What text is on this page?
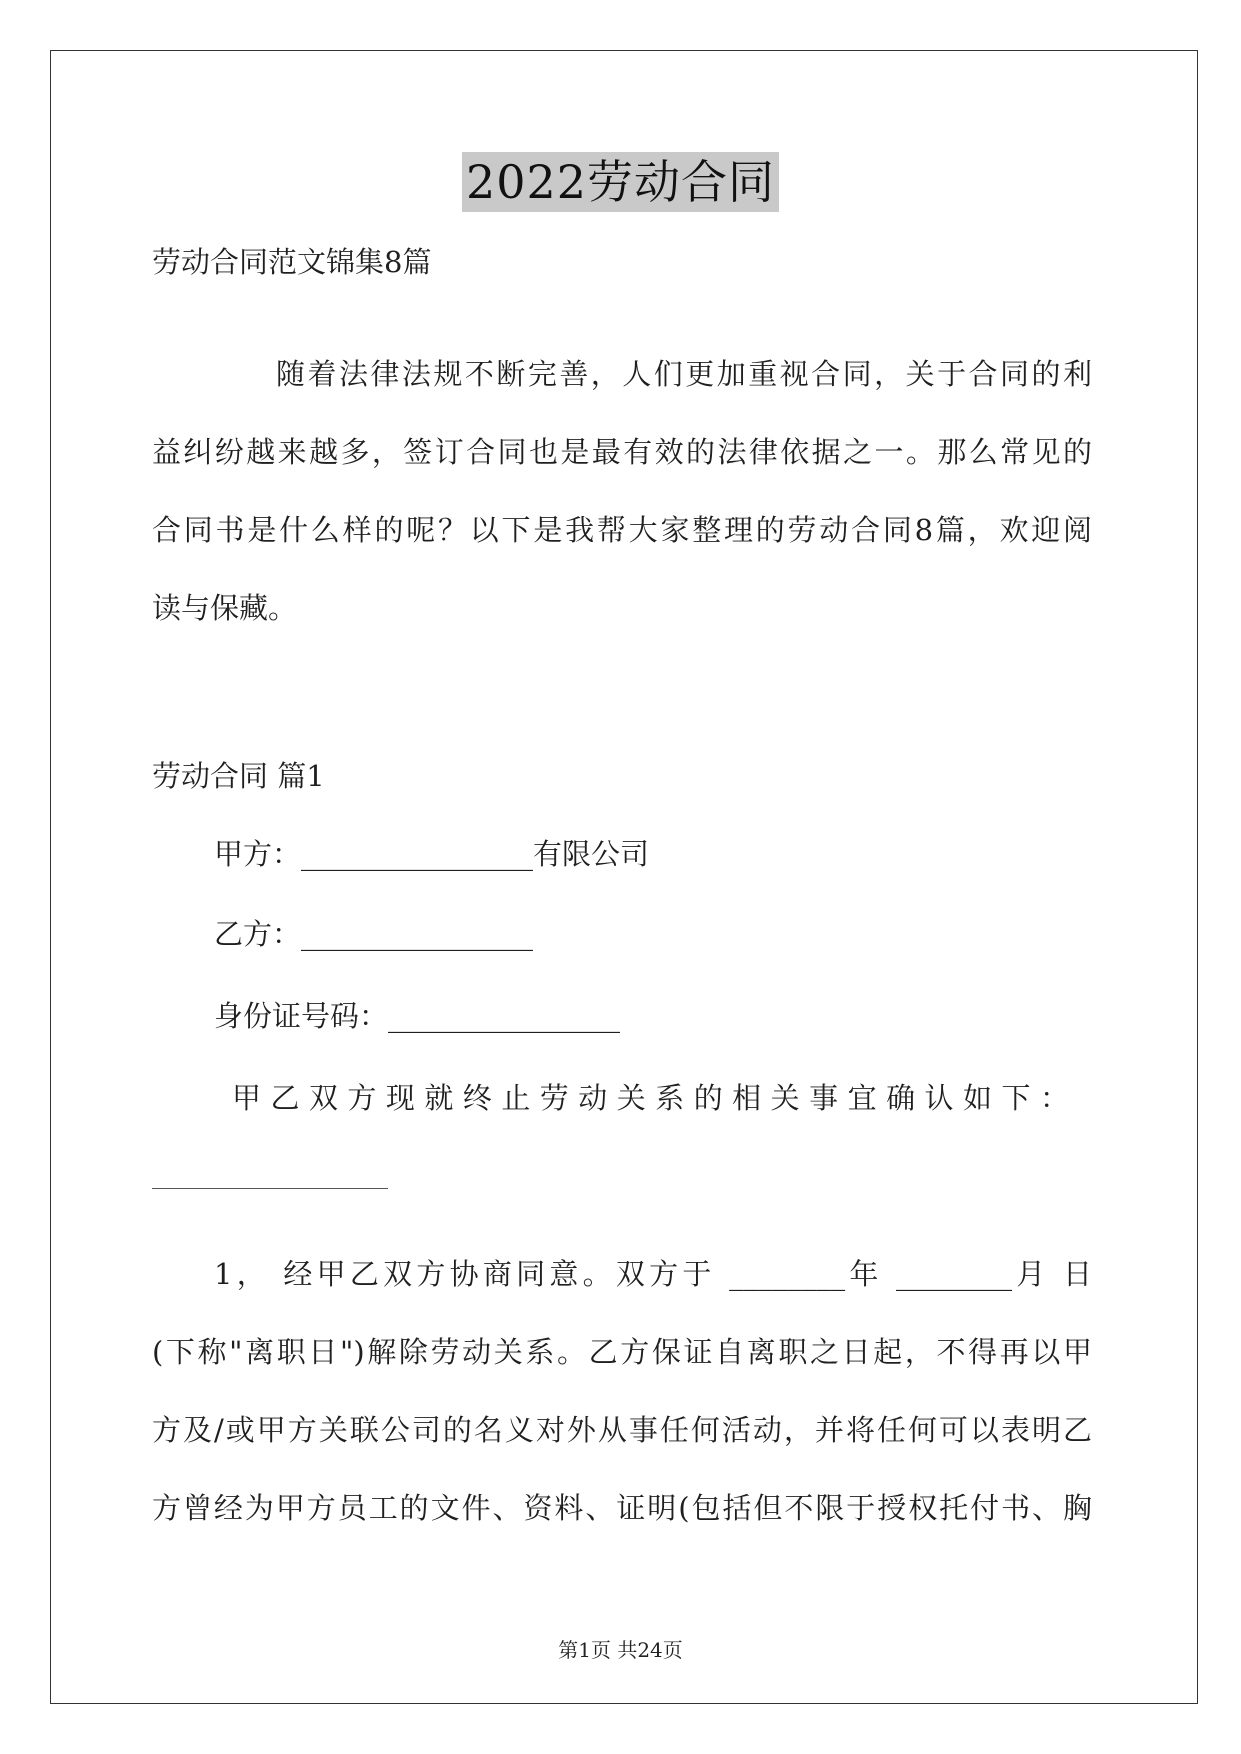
2022劳动合同
劳动合同范文锦集8篇
随着法律法规不断完善，人们更加重视合同，关于合同的利
益纠纷越来越多，签订合同也是最有效的法律依据之一。那么常见的
合同书是什么样的呢？以下是我帮大家整理的劳动合同8篇，欢迎阅
读与保藏。
劳动合同 篇1
甲方：________________有限公司
乙方：________________
身份证号码：________________
甲乙双方现就终止劳动关系的相关事宜确认如下：
1， 经甲乙双方协商同意。双方于 ________年 ________月 日
(下称"离职日")解除劳动关系。乙方保证自离职之日起，不得再以甲
方及/或甲方关联公司的名义对外从事任何活动，并将任何可以表明乙
方曾经为甲方员工的文件、资料、证明(包括但不限于授权托付书、胸
第1页 共24页
